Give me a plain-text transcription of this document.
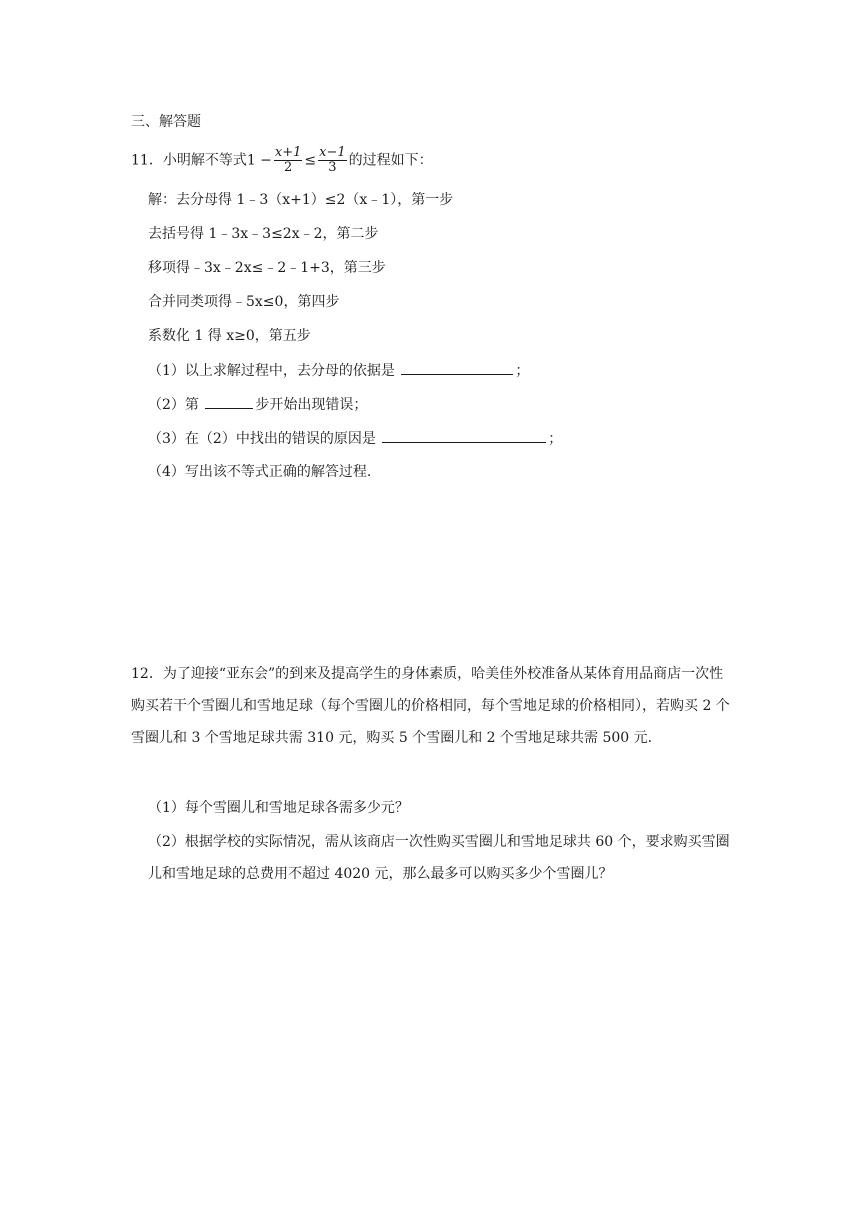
三、解答题
11．小明解不等式$1 - \frac{x+1}{2} \le \frac{x-1}{3}$ 的过程如下：
解：去分母得 1﹣3（x+1）≤2（x﹣1），第一步
去括号得 1﹣3x﹣3≤2x﹣2，第二步
移项得﹣3x﹣2x≤﹣2﹣1+3，第三步
合并同类项得﹣5x≤0，第四步
系数化 1 得 x≥0，第五步
（1）以上求解过程中，去分母的依据是	；
（2）第	步开始出现错误；
（3）在（2）中找出的错误的原因是	；
（4）写出该不等式正确的解答过程.
12．为了迎接“亚东会”的到来及提高学生的身体素质，哈美佳外校准备从某体育用品商店一次性购买若干个雪圈儿和雪地足球（每个雪圈儿的价格相同，每个雪地足球的价格相同），若购买 2 个雪圈儿和 3 个雪地足球共需 310 元，购买 5 个雪圈儿和 2 个雪地足球共需 500 元.
（1）每个雪圈儿和雪地足球各需多少元？
（2）根据学校的实际情况，需从该商店一次性购买雪圈儿和雪地足球共 60 个，要求购买雪圈儿和雪地足球的总费用不超过 4020 元，那么最多可以购买多少个雪圈儿？
